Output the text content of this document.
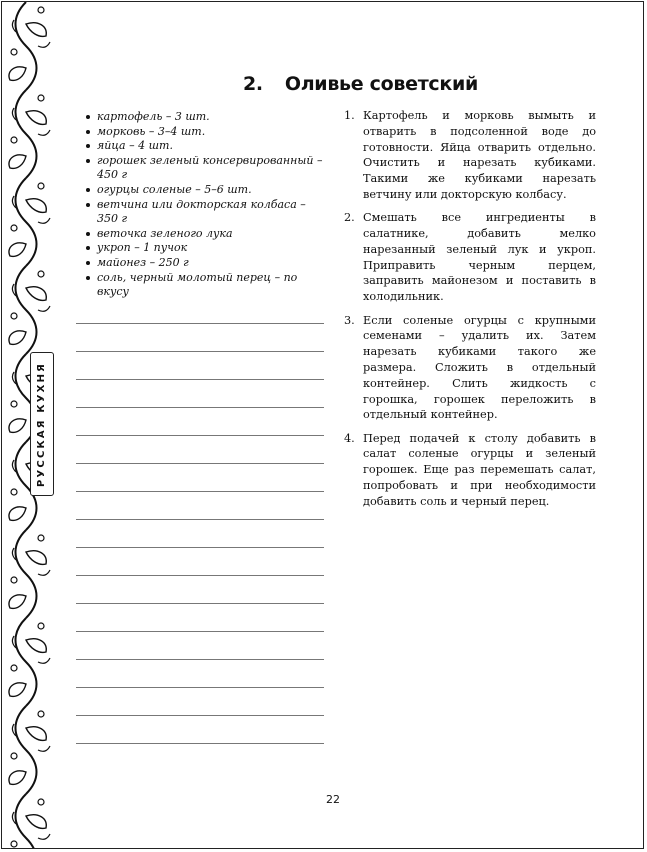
РУССКАЯ КУХНЯ
2. Оливье советский
картофель – 3 шт.
морковь – 3–4 шт.
яйца – 4 шт.
горошек зеленый консервированный – 450 г
огурцы соленые – 5–6 шт.
ветчина или докторская колбаса – 350 г
веточка зеленого лука
укроп – 1 пучок
майонез – 250 г
соль, черный молотый перец – по вкусу
1. Картофель и морковь вымыть и отварить в подсоленной воде до готовности. Яйца отварить отдельно. Очистить и нарезать кубиками. Такими же кубиками нарезать ветчину или докторскую колбасу.
2. Смешать все ингредиенты в салатнике, добавить мелко нарезанный зеленый лук и укроп. Приправить черным перцем, заправить майонезом и поставить в холодильник.
3. Если соленые огурцы с крупными семенами – удалить их. Затем нарезать кубиками такого же размера. Сложить в отдельный контейнер. Слить жидкость с горошка, горошек переложить в отдельный контейнер.
4. Перед подачей к столу добавить в салат соленые огурцы и зеленый горошек. Еще раз перемешать салат, попробовать и при необходимости добавить соль и черный перец.
22
